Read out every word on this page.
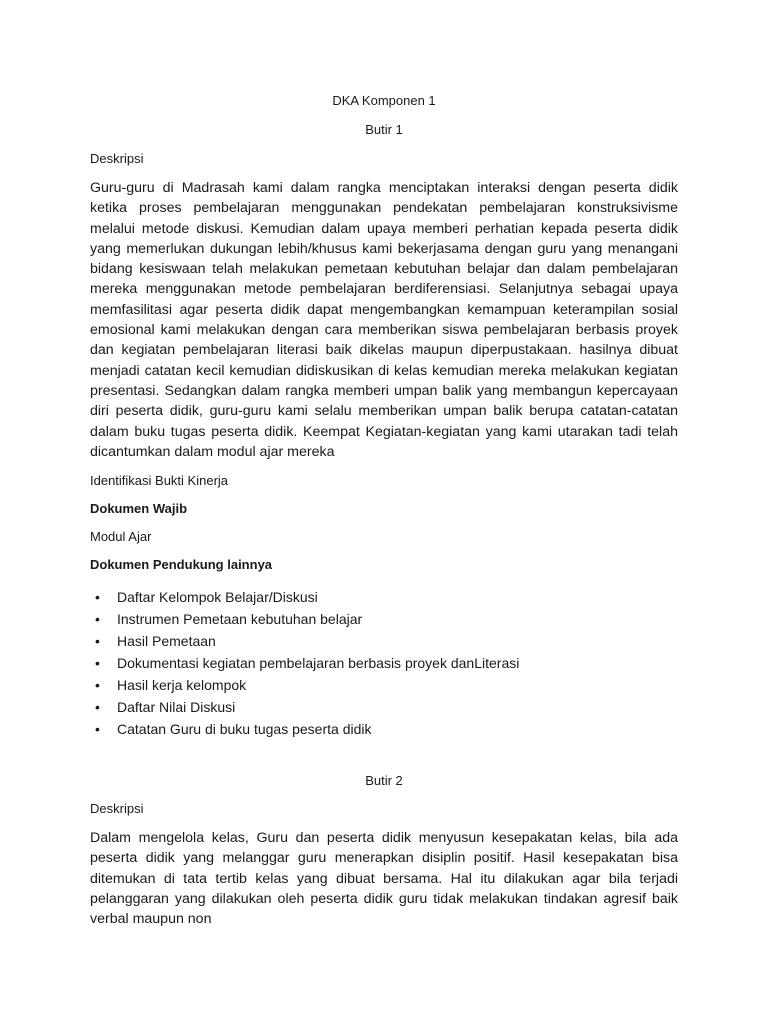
DKA Komponen 1
Butir 1
Deskripsi

Guru-guru di Madrasah kami dalam rangka menciptakan interaksi dengan peserta didik ketika proses pembelajaran menggunakan pendekatan pembelajaran konstruksivisme melalui metode diskusi. Kemudian dalam upaya memberi perhatian kepada peserta didik yang memerlukan dukungan lebih/khusus kami bekerjasama dengan guru yang menangani bidang kesiswaan telah melakukan pemetaan kebutuhan belajar dan dalam pembelajaran mereka menggunakan metode pembelajaran berdiferensiasi. Selanjutnya sebagai upaya memfasilitasi agar peserta didik dapat mengembangkan kemampuan keterampilan sosial emosional kami melakukan dengan cara memberikan siswa pembelajaran berbasis proyek dan kegiatan pembelajaran literasi baik dikelas maupun diperpustakaan. hasilnya dibuat menjadi catatan kecil kemudian didiskusikan di kelas kemudian mereka melakukan kegiatan presentasi. Sedangkan dalam rangka memberi umpan balik yang membangun kepercayaan diri peserta didik, guru-guru kami selalu memberikan umpan balik berupa catatan-catatan dalam buku tugas peserta didik. Keempat Kegiatan-kegiatan yang kami utarakan tadi telah dicantumkan dalam modul ajar mereka

Identifikasi Bukti Kinerja
Dokumen Wajib
Modul Ajar
Dokumen Pendukung lainnya
• Daftar Kelompok Belajar/Diskusi
• Instrumen Pemetaan kebutuhan belajar
• Hasil Pemetaan
• Dokumentasi kegiatan pembelajaran berbasis proyek danLiterasi
• Hasil kerja kelompok
• Daftar Nilai Diskusi
• Catatan Guru di buku tugas peserta didik
Butir 2
Deskripsi

Dalam mengelola kelas, Guru dan peserta didik menyusun kesepakatan kelas, bila ada peserta didik yang melanggar guru menerapkan disiplin positif. Hasil kesepakatan bisa ditemukan di tata tertib kelas yang dibuat bersama. Hal itu dilakukan agar bila terjadi pelanggaran yang dilakukan oleh peserta didik guru tidak melakukan tindakan agresif baik verbal maupun non
